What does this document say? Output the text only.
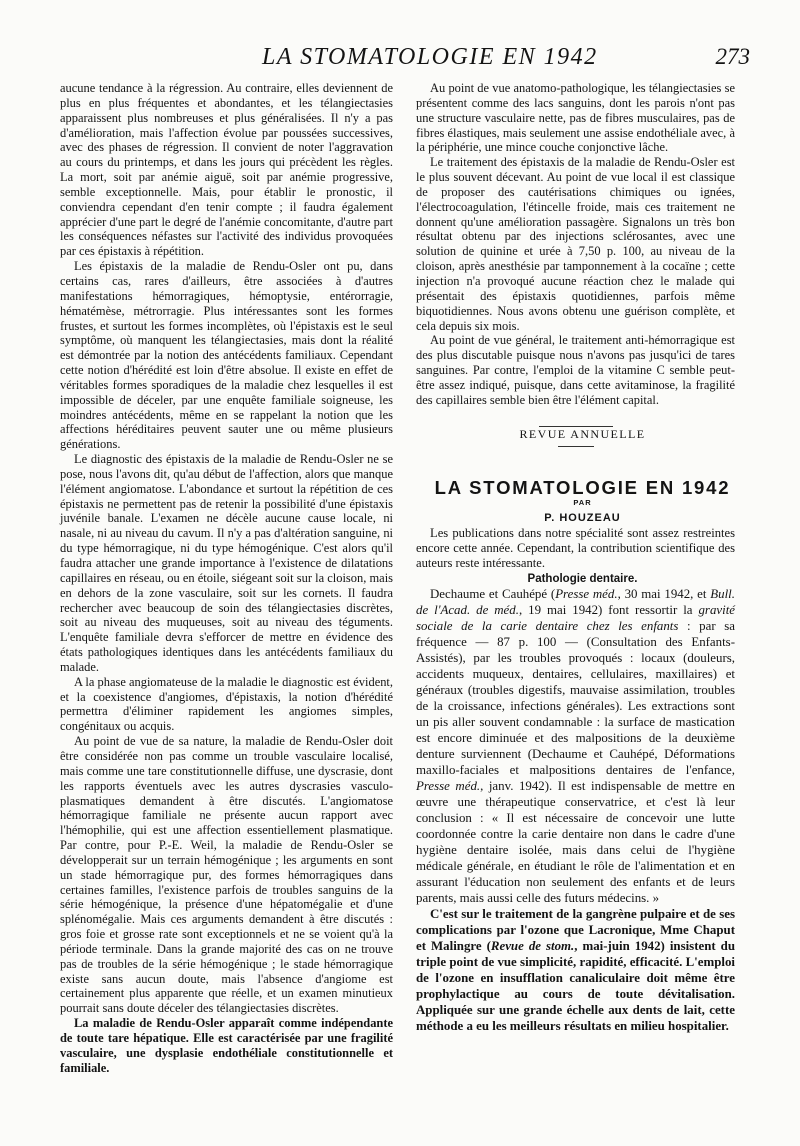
LA STOMATOLOGIE EN 1942	273

aucune tendance à la régression. Au contraire, elles deviennent de plus en plus fréquentes et abondantes, et les télangiectasies apparaissent plus nombreuses et plus généralisées. Il n'y a pas d'amélioration, mais l'affection évolue par poussées successives, avec des phases de régression. Il convient de noter l'aggravation au cours du printemps, et dans les jours qui précèdent les règles. La mort, soit par anémie aiguë, soit par anémie progressive, semble exceptionnelle. Mais, pour établir le pronostic, il conviendra cependant d'en tenir compte ; il faudra également apprécier d'une part le degré de l'anémie concomitante, d'autre part les conséquences néfastes sur l'activité des individus provoquées par ces épistaxis à répétition.

Les épistaxis de la maladie de Rendu-Osler ont pu, dans certains cas, rares d'ailleurs, être associées à d'autres manifestations hémorragiques, hémoptysie, entérorragie, hématémèse, métrorragie. Plus intéressantes sont les formes frustes, et surtout les formes incomplètes, où l'épistaxis est le seul symptôme, où manquent les télangiectasies, mais dont la réalité est démontrée par la notion des antécédents familiaux. Cependant cette notion d'hérédité est loin d'être absolue. Il existe en effet de véritables formes sporadiques de la maladie chez lesquelles il est impossible de déceler, par une enquête familiale soigneuse, les moindres antécédents, même en se rappelant la notion que les affections héréditaires peuvent sauter une ou même plusieurs générations.

Le diagnostic des épistaxis de la maladie de Rendu-Osler ne se pose, nous l'avons dit, qu'au début de l'affection, alors que manque l'élément angiomatose. L'abondance et surtout la répétition de ces épistaxis ne permettent pas de retenir la possibilité d'une épistaxis juvénile banale. L'examen ne décèle aucune cause locale, ni nasale, ni au niveau du cavum. Il n'y a pas d'altération sanguine, ni du type hémorragique, ni du type hémogénique. C'est alors qu'il faudra attacher une grande importance à l'existence de dilatations capillaires en réseau, ou en étoile, siégeant soit sur la cloison, mais en dehors de la zone vasculaire, soit sur les cornets. Il faudra rechercher avec beaucoup de soin des télangiectasies discrètes, soit au niveau des muqueuses, soit au niveau des téguments. L'enquête familiale devra s'efforcer de mettre en évidence des états pathologiques identiques dans les antécédents familiaux du malade.

A la phase angiomateuse de la maladie le diagnostic est évident, et la coexistence d'angiomes, d'épistaxis, la notion d'hérédité permettra d'éliminer rapidement les angiomes simples, congénitaux ou acquis.

Au point de vue de sa nature, la maladie de Rendu-Osler doit être considérée non pas comme un trouble vasculaire localisé, mais comme une tare constitutionnelle diffuse, une dyscrasie, dont les rapports éventuels avec les autres dyscrasies vasculo-plasmatiques demandent à être discutés. L'angiomatose hémorragique familiale ne présente aucun rapport avec l'hémophilie, qui est une affection essentiellement plasmatique. Par contre, pour P.-E. Weil, la maladie de Rendu-Osler se développerait sur un terrain hémogénique ; les arguments en sont un stade hémorragique pur, des formes hémorragiques dans certaines familles, l'existence parfois de troubles sanguins de la série hémogénique, la présence d'une hépatomégalie et d'une splénomégalie. Mais ces arguments demandent à être discutés : gros foie et grosse rate sont exceptionnels et ne se voient qu'à la période terminale. Dans la grande majorité des cas on ne trouve pas de troubles de la série hémogénique ; le stade hémorragique existe sans aucun doute, mais l'absence d'angiome est certainement plus apparente que réelle, et un examen minutieux pourrait sans doute déceler des télangiectasies discrètes.

La maladie de Rendu-Osler apparaît comme indépendante de toute tare hépatique. Elle est caractérisée par une fragilité vasculaire, une dysplasie endothéliale constitutionnelle et familiale.

Au point de vue anatomo-pathologique, les télangiectasies se présentent comme des lacs sanguins, dont les parois n'ont pas une structure vasculaire nette, pas de fibres musculaires, pas de fibres élastiques, mais seulement une assise endothéliale avec, à la périphérie, une mince couche conjonctive lâche.

Le traitement des épistaxis de la maladie de Rendu-Osler est le plus souvent décevant. Au point de vue local il est classique de proposer des cautérisations chimiques ou ignées, l'électrocoagulation, l'étincelle froide, mais ces traitement ne donnent qu'une amélioration passagère. Signalons un très bon résultat obtenu par des injections sclérosantes, avec une solution de quinine et urée à 7,50 p. 100, au niveau de la cloison, après anesthésie par tamponnement à la cocaïne ; cette injection n'a provoqué aucune réaction chez le malade qui présentait des épistaxis quotidiennes, parfois même biquotidiennes. Nous avons obtenu une guérison complète, et cela depuis six mois.

Au point de vue général, le traitement anti-hémorragique est des plus discutable puisque nous n'avons pas jusqu'ici de tares sanguines. Par contre, l'emploi de la vitamine C semble peut-être assez indiqué, puisque, dans cette avitaminose, la fragilité des capillaires semble bien être l'élément capital.

REVUE ANNUELLE

LA STOMATOLOGIE EN 1942

PAR

P. HOUZEAU

Les publications dans notre spécialité sont assez restreintes encore cette année. Cependant, la contribution scientifique des auteurs reste intéressante.

Pathologie dentaire.

Dechaume et Cauhépé (Presse méd., 30 mai 1942, et Bull. de l'Acad. de méd., 19 mai 1942) font ressortir la gravité sociale de la carie dentaire chez les enfants : par sa fréquence — 87 p. 100 — (Consultation des Enfants-Assistés), par les troubles provoqués : locaux (douleurs, accidents muqueux, dentaires, cellulaires, maxillaires) et généraux (troubles digestifs, mauvaise assimilation, troubles de la croissance, infections générales). Les extractions sont un pis aller souvent condamnable : la surface de mastication est encore diminuée et des malpositions de la deuxième denture surviennent (Dechaume et Cauhépé, Déformations maxillo-faciales et malpositions dentaires de l'enfance, Presse méd., janv. 1942). Il est indispensable de mettre en œuvre une thérapeutique conservatrice, et c'est là leur conclusion : « Il est nécessaire de concevoir une lutte coordonnée contre la carie dentaire non dans le cadre d'une hygiène dentaire isolée, mais dans celui de l'hygiène médicale générale, en étudiant le rôle de l'alimentation et en assurant l'éducation non seulement des enfants et de leurs parents, mais aussi celle des futurs médecins. »

C'est sur le traitement de la gangrène pulpaire et de ses complications par l'ozone que Lacronique, Mme Chaput et Malingre (Revue de stom., mai-juin 1942) insistent du triple point de vue simplicité, rapidité, efficacité. L'emploi de l'ozone en insufflation canaliculaire doit même être prophylactique au cours de toute dévitalisation. Appliquée sur une grande échelle aux dents de lait, cette méthode a eu les meilleurs résultats en milieu hospitalier.
